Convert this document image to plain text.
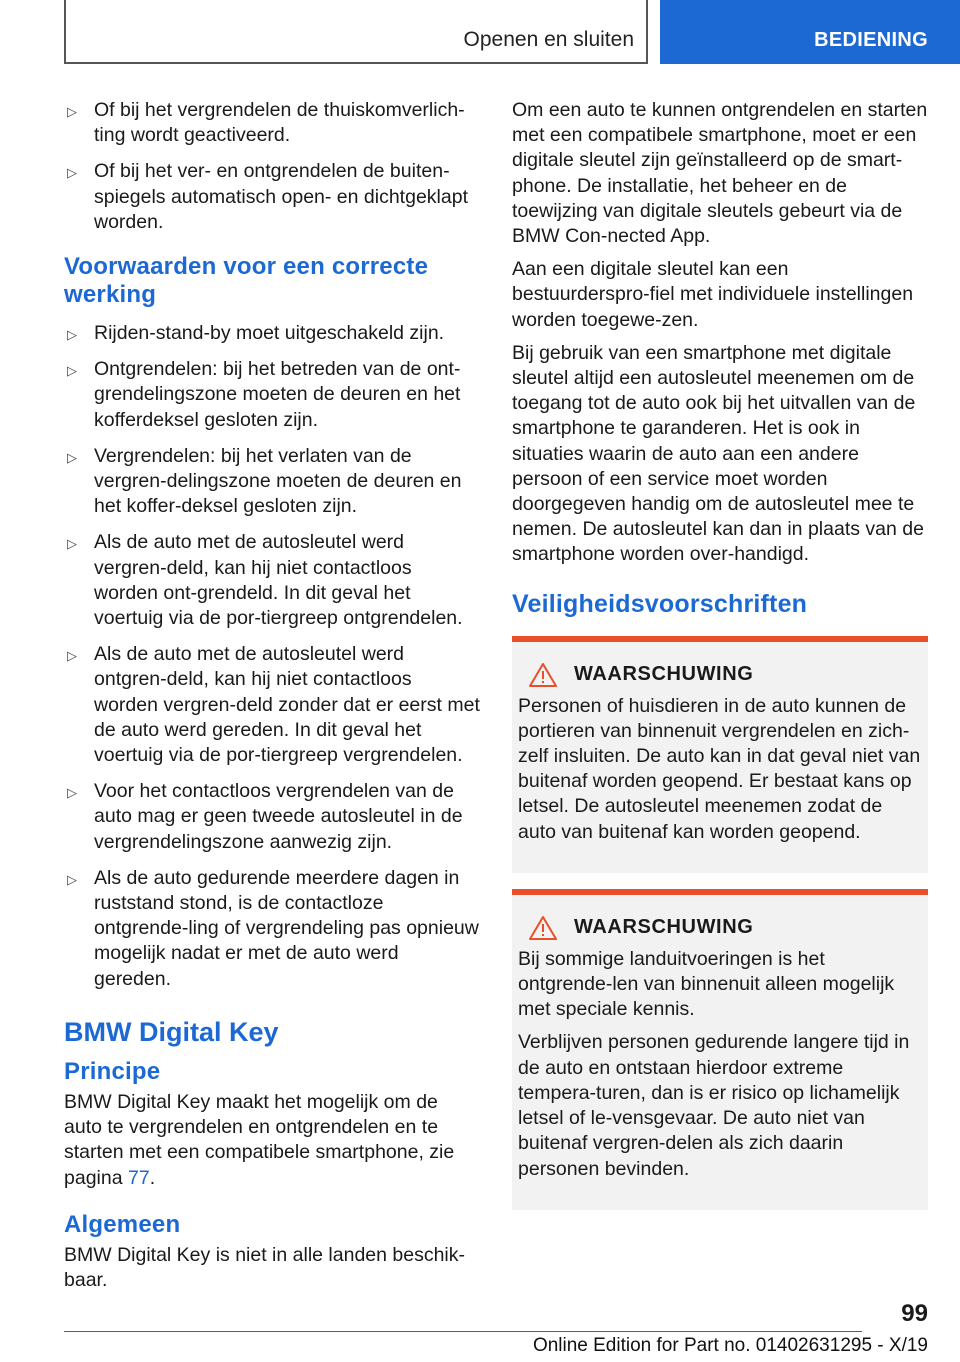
Openen en sluiten	BEDIENING
▷ Of bij het vergrendelen de thuiskomverlich-ting wordt geactiveerd.
▷ Of bij het ver- en ontgrendelen de buiten-spiegels automatisch open- en dichtgeklapt worden.
Voorwaarden voor een correcte werking
▷ Rijden-stand-by moet uitgeschakeld zijn.
▷ Ontgrendelen: bij het betreden van de ont-grendelingszone moeten de deuren en het kofferdeksel gesloten zijn.
▷ Vergrendelen: bij het verlaten van de vergren-delingszone moeten de deuren en het koffer-deksel gesloten zijn.
▷ Als de auto met de autosleutel werd vergren-deld, kan hij niet contactloos worden ont-grendeld. In dit geval het voertuig via de por-tiergreep ontgrendelen.
▷ Als de auto met de autosleutel werd ontgren-deld, kan hij niet contactloos worden vergren-deld zonder dat er eerst met de auto werd gereden. In dit geval het voertuig via de por-tiergreep vergrendelen.
▷ Voor het contactloos vergrendelen van de auto mag er geen tweede autosleutel in de vergrendelingszone aanwezig zijn.
▷ Als de auto gedurende meerdere dagen in ruststand stond, is de contactloze ontgrende-ling of vergrendeling pas opnieuw mogelijk nadat er met de auto werd gereden.
BMW Digital Key
Principe
BMW Digital Key maakt het mogelijk om de auto te vergrendelen en ontgrendelen en te starten met een compatibele smartphone, zie pagina 77.
Algemeen
BMW Digital Key is niet in alle landen beschik-baar.
Om een auto te kunnen ontgrendelen en starten met een compatibele smartphone, moet er een digitale sleutel zijn geïnstalleerd op de smart-phone. De installatie, het beheer en de toewijzing van digitale sleutels gebeurt via de BMW Con-nected App.
Aan een digitale sleutel kan een bestuurderspro-fiel met individuele instellingen worden toegewe-zen.
Bij gebruik van een smartphone met digitale sleutel altijd een autosleutel meenemen om de toegang tot de auto ook bij het uitvallen van de smartphone te garanderen. Het is ook in situaties waarin de auto aan een andere persoon of een service moet worden doorgegeven handig om de autosleutel mee te nemen. De autosleutel kan dan in plaats van de smartphone worden over-handigd.
Veiligheidsvoorschriften
WAARSCHUWING

Personen of huisdieren in de auto kunnen de portieren van binnenuit vergrendelen en zich-zelf insluiten. De auto kan in dat geval niet van buitenaf worden geopend. Er bestaat kans op letsel. De autosleutel meenemen zodat de auto van buitenaf kan worden geopend.

WAARSCHUWING

Bij sommige landuitvoeringen is het ontgrende-len van binnenuit alleen mogelijk met speciale kennis.

Verblijven personen gedurende langere tijd in de auto en ontstaan hierdoor extreme tempera-turen, dan is er risico op lichamelijk letsel of le-vensgevaar. De auto niet van buitenaf vergren-delen als zich daarin personen bevinden.

99
Online Edition for Part no. 01402631295 - X/19
